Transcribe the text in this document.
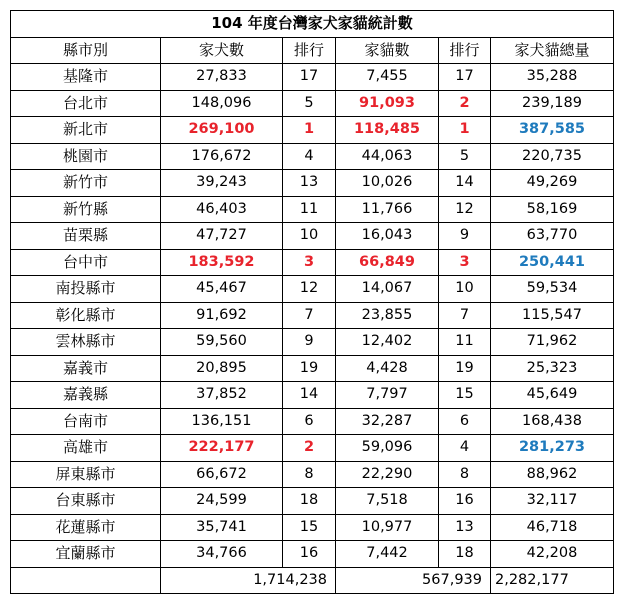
104 年度台灣家犬家貓統計數					
縣市別	家犬數	排行	家貓數	排行	家犬貓總量
基隆市	27,833	17	7,455	17	35,288
台北市	148,096	5	91,093	2	239,189
新北市	269,100	1	118,485	1	387,585
桃園市	176,672	4	44,063	5	220,735
新竹市	39,243	13	10,026	14	49,269
新竹縣	46,403	11	11,766	12	58,169
苗栗縣	47,727	10	16,043	9	63,770
台中市	183,592	3	66,849	3	250,441
南投縣市	45,467	12	14,067	10	59,534
彰化縣市	91,692	7	23,855	7	115,547
雲林縣市	59,560	9	12,402	11	71,962
嘉義市	20,895	19	4,428	19	25,323
嘉義縣	37,852	14	7,797	15	45,649
台南市	136,151	6	32,287	6	168,438
高雄市	222,177	2	59,096	4	281,273
屏東縣市	66,672	8	22,290	8	88,962
台東縣市	24,599	18	7,518	16	32,117
花蓮縣市	35,741	15	10,977	13	46,718
宜蘭縣市	34,766	16	7,442	18	42,208
	1,714,238		567,939		2,282,177
